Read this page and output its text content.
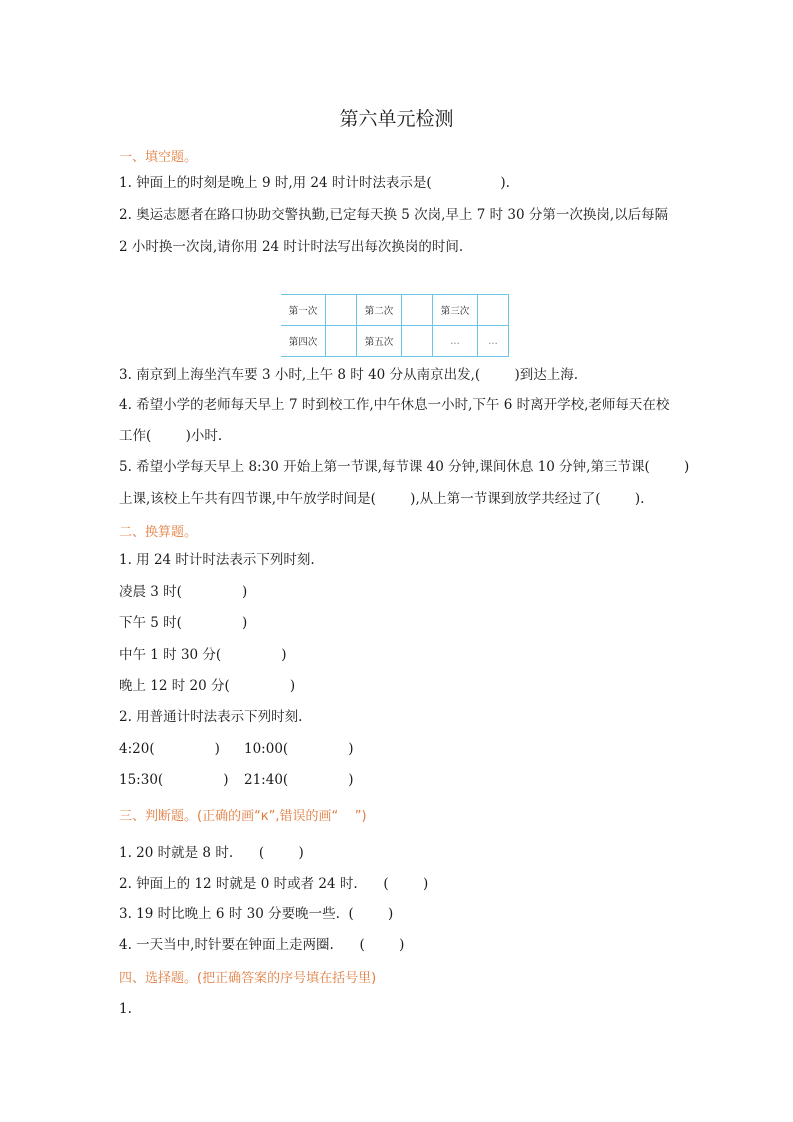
第六单元检测
一、填空题。
1. 钟面上的时刻是晚上 9 时,用 24 时计时法表示是(                ).
2. 奥运志愿者在路口协助交警执勤,已定每天换 5 次岗,早上 7 时 30 分第一次换岗,以后每隔
2 小时换一次岗,请你用 24 时计时法写出每次换岗的时间.
第一次		第二次		第三次	
第四次		第五次		…	…
3. 南京到上海坐汽车要 3 小时,上午 8 时 40 分从南京出发,(        )到达上海.
4. 希望小学的老师每天早上 7 时到校工作,中午休息一小时,下午 6 时离开学校,老师每天在校
工作(        )小时.
5. 希望小学每天早上 8:30 开始上第一节课,每节课 40 分钟,课间休息 10 分钟,第三节课(        )
上课,该校上午共有四节课,中午放学时间是(        ),从上第一节课到放学共经过了(        ).
二、换算题。
1. 用 24 时计时法表示下列时刻.
凌晨 3 时(              )
下午 5 时(              )
中午 1 时 30 分(              )
晚上 12 时 20 分(              )
2. 用普通计时法表示下列时刻.
4:20(              ) 10:00(              )
15:30(              ) 21:40(              )
三、判断题。(正确的画“к”,错误的画“    ”)
1. 20 时就是 8 时.      (        )
2. 钟面上的 12 时就是 0 时或者 24 时.      (        )
3. 19 时比晚上 6 时 30 分要晚一些.  (        )
4. 一天当中,时针要在钟面上走两圈.      (        )
四、选择题。(把正确答案的序号填在括号里)
1.
